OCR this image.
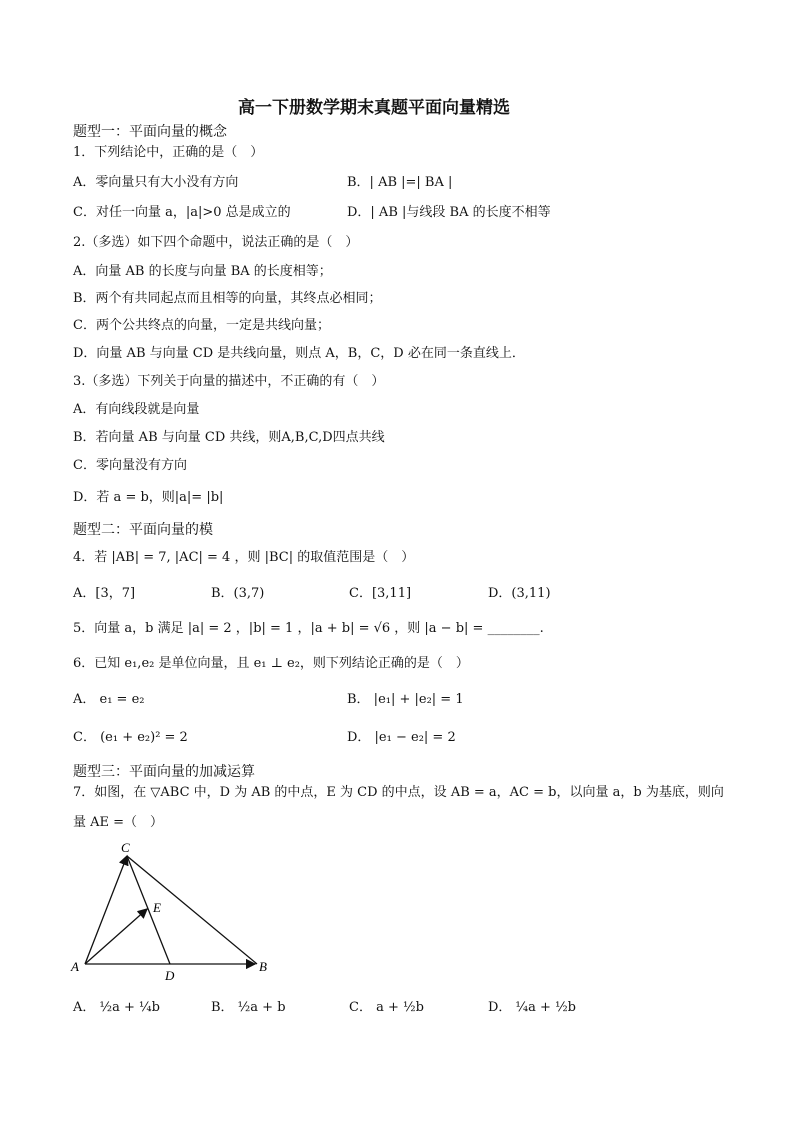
高一下册数学期末真题平面向量精选
题型一：平面向量的概念
1．下列结论中，正确的是（　）
A．零向量只有大小没有方向	B．| AB |=| BA |
C．对任一向量 a，|a|>0 总是成立的	D．| AB |与线段 BA 的长度不相等
2.（多选）如下四个命题中，说法正确的是（　）
A．向量 AB 的长度与向量 BA 的长度相等；
B．两个有共同起点而且相等的向量，其终点必相同；
C．两个公共终点的向量，一定是共线向量；
D．向量 AB 与向量 CD 是共线向量，则点 A，B，C，D 必在同一条直线上．
3.（多选）下列关于向量的描述中，不正确的有（　）
A．有向线段就是向量
B．若向量 AB 与向量 CD 共线，则A,B,C,D四点共线
C．零向量没有方向
D．若 a = b，则|a|= |b|
题型二：平面向量的模
4．若 |AB| = 7, |AC| = 4 ，则 |BC| 的取值范围是（　）
A．[3，7]	B．(3,7)	C．[3,11]	D．(3,11)
5．向量 a，b 满足 |a| = 2 ，|b| = 1 ，|a + b| = √6 ，则 |a − b| = ________.
6．已知 e₁,e₂ 是单位向量，且 e₁ ⊥ e₂，则下列结论正确的是（　）
A． e₁ = e₂	B． |e₁| + |e₂| = 1
C． (e₁ + e₂)² = 2	D． |e₁ − e₂| = 2
题型三：平面向量的加减运算
7．如图，在 ▽ABC 中，D 为 AB 的中点，E 为 CD 的中点，设 AB = a，AC = b，以向量 a，b 为基底，则向
量 AE =（　）
C
E
A
D
B
A． ½a + ¼b	B． ½a + b	C． a + ½b	D． ¼a + ½b
